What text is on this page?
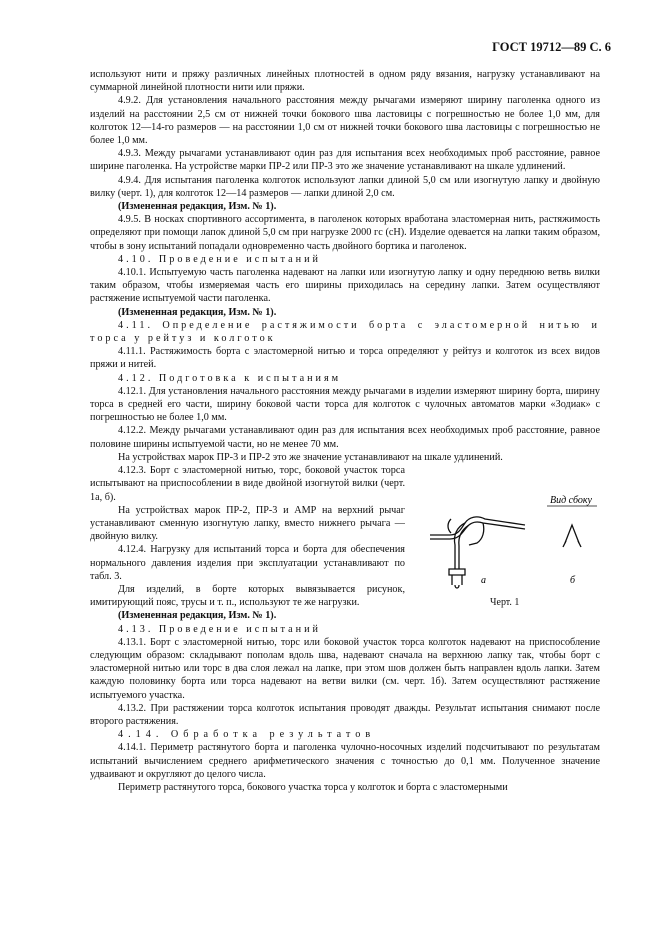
ГОСТ 19712—89 С. 6

используют нити и пряжу различных линейных плотностей в одном ряду вязания, нагрузку устанавливают на суммарной линейной плотности нити или пряжи.

4.9.2. Для установления начального расстояния между рычагами измеряют ширину паголенка одного из изделий на расстоянии 2,5 см от нижней точки бокового шва ластовицы с погрешностью не более 1,0 мм, для колготок 12—14-го размеров — на расстоянии 1,0 см от нижней точки бокового шва ластовицы с погрешностью не более 1,0 мм.

4.9.3. Между рычагами устанавливают один раз для испытания всех необходимых проб расстояние, равное ширине паголенка. На устройстве марки ПР-2 или ПР-3 это же значение устанавливают на шкале удлинений.

4.9.4. Для испытания паголенка колготок используют лапки длиной 5,0 см или изогнутую лапку и двойную вилку (черт. 1), для колготок 12—14 размеров — лапки длиной 2,0 см.

(Измененная редакция, Изм. № 1).

4.9.5. В носках спортивного ассортимента, в паголенок которых вработана эластомерная нить, растяжимость определяют при помощи лапок длиной 5,0 см при нагрузке 2000 гс (сН). Изделие одевается на лапки таким образом, чтобы в зону испытаний попадали одновременно часть двойного бортика и паголенок.

4.10. Проведение испытаний

4.10.1. Испытуемую часть паголенка надевают на лапки или изогнутую лапку и одну переднюю ветвь вилки таким образом, чтобы измеряемая часть его ширины приходилась на середину лапки. Затем осуществляют растяжение испытуемой части паголенка.

(Измененная редакция, Изм. № 1).

4.11. Определение растяжимости борта с эластомерной нитью и торса у рейтуз и колготок

4.11.1. Растяжимость борта с эластомерной нитью и торса определяют у рейтуз и колготок из всех видов пряжи и нитей.

4.12. Подготовка к испытаниям

4.12.1. Для установления начального расстояния между рычагами в изделии измеряют ширину борта, ширину торса в средней его части, ширину боковой части торса для колготок с чулочных автоматов марки «Зодиак» с погрешностью не более 1,0 мм.

4.12.2. Между рычагами устанавливают один раз для испытания всех необходимых проб расстояние, равное половине ширины испытуемой части, но не менее 70 мм.

На устройствах марок ПР-3 и ПР-2 это же значение устанавливают на шкале удлинений.

4.12.3. Борт с эластомерной нитью, торс, боковой участок торса испытывают на приспособлении в виде двойной изогнутой вилки (черт. 1а, б).

На устройствах марок ПР-2, ПР-3 и АМР на верхний рычаг устанавливают сменную изогнутую лапку, вместо нижнего рычага — двойную вилку.

4.12.4. Нагрузку для испытаний торса и борта для обеспечения нормального давления изделия при эксплуатации устанавливают по табл. 3.

Для изделий, в борте которых вывязывается рисунок, имитирующий пояс, трусы и т. п., используют те же нагрузки.

(Измененная редакция, Изм. № 1).

4.13. Проведение испытаний

4.13.1. Борт с эластомерной нитью, торс или боковой участок торса колготок надевают на приспособление следующим образом: складывают пополам вдоль шва, надевают сначала на верхнюю лапку так, чтобы борт с эластомерной нитью или торс в два слоя лежал на лапке, при этом шов должен быть направлен вдоль лапки. Затем каждую половинку борта или торса надевают на ветви вилки (см. черт. 1б). Затем осуществляют растяжение испытуемого участка.

4.13.2. При растяжении торса колготок испытания проводят дважды. Результат испытания снимают после второго растяжения.

4.14. Обработка результатов

4.14.1. Периметр растянутого борта и паголенка чулочно-носочных изделий подсчитывают по результатам испытаний вычислением среднего арифметического значения с точностью до 0,1 мм. Полученное значение удваивают и округляют до целого числа.

Периметр растянутого торса, бокового участка торса у колготок и борта с эластомерными

Вид сбоку
а	б
Черт. 1
